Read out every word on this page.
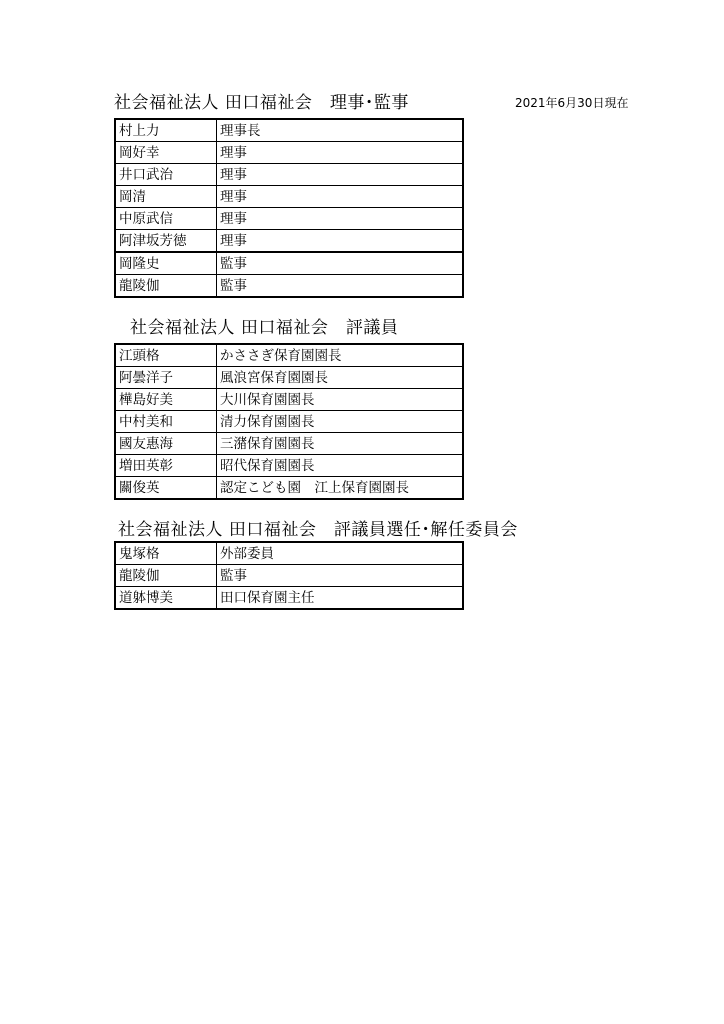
社会福祉法人 田口福祉会　理事･監事	2021年6月30日現在
村上力	理事長
岡好幸	理事
井口武治	理事
岡清	理事
中原武信	理事
阿津坂芳徳	理事
岡隆史	監事
龍陵伽	監事
社会福祉法人 田口福祉会　評議員
江頭格	かささぎ保育園園長
阿曇洋子	風浪宮保育園園長
樺島好美	大川保育園園長
中村美和	清力保育園園長
國友惠海	三潴保育園園長
増田英彰	昭代保育園園長
關俊英	認定こども園　江上保育園園長
社会福祉法人 田口福祉会　評議員選任･解任委員会
鬼塚格	外部委員
龍陵伽	監事
道躰博美	田口保育園主任
